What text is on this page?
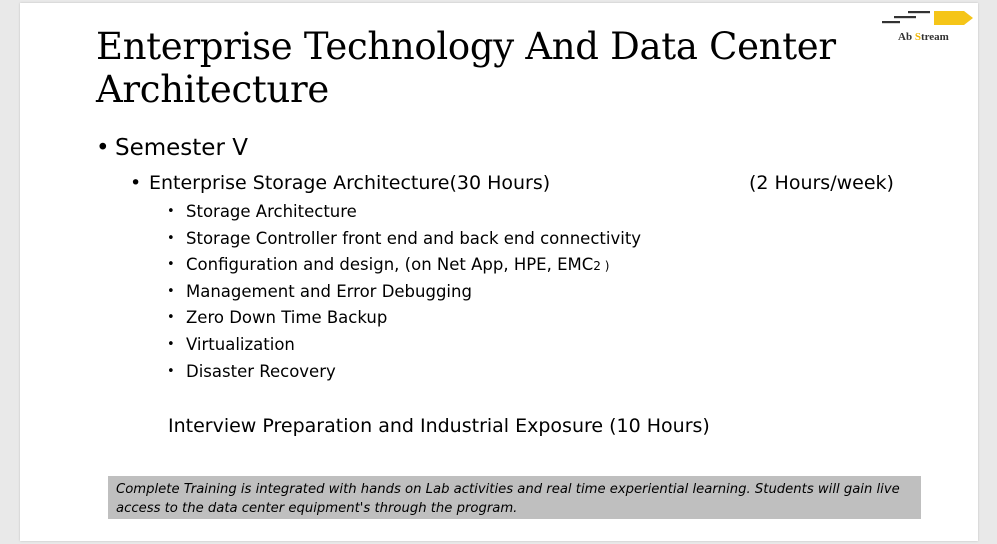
Enterprise Technology And Data Center Architecture
Ab Stream
• Semester V
• Enterprise Storage Architecture(30 Hours)	(2 Hours/week)
• Storage Architecture
• Storage Controller front end and back end connectivity
• Configuration and design, (on Net App, HPE, EMC2 )
• Management and Error Debugging
• Zero Down Time Backup
• Virtualization
• Disaster Recovery
Interview Preparation and Industrial Exposure (10 Hours)
Complete Training is integrated with hands on Lab activities and real time experiential learning. Students will gain live access to the data center equipment's through the program.
